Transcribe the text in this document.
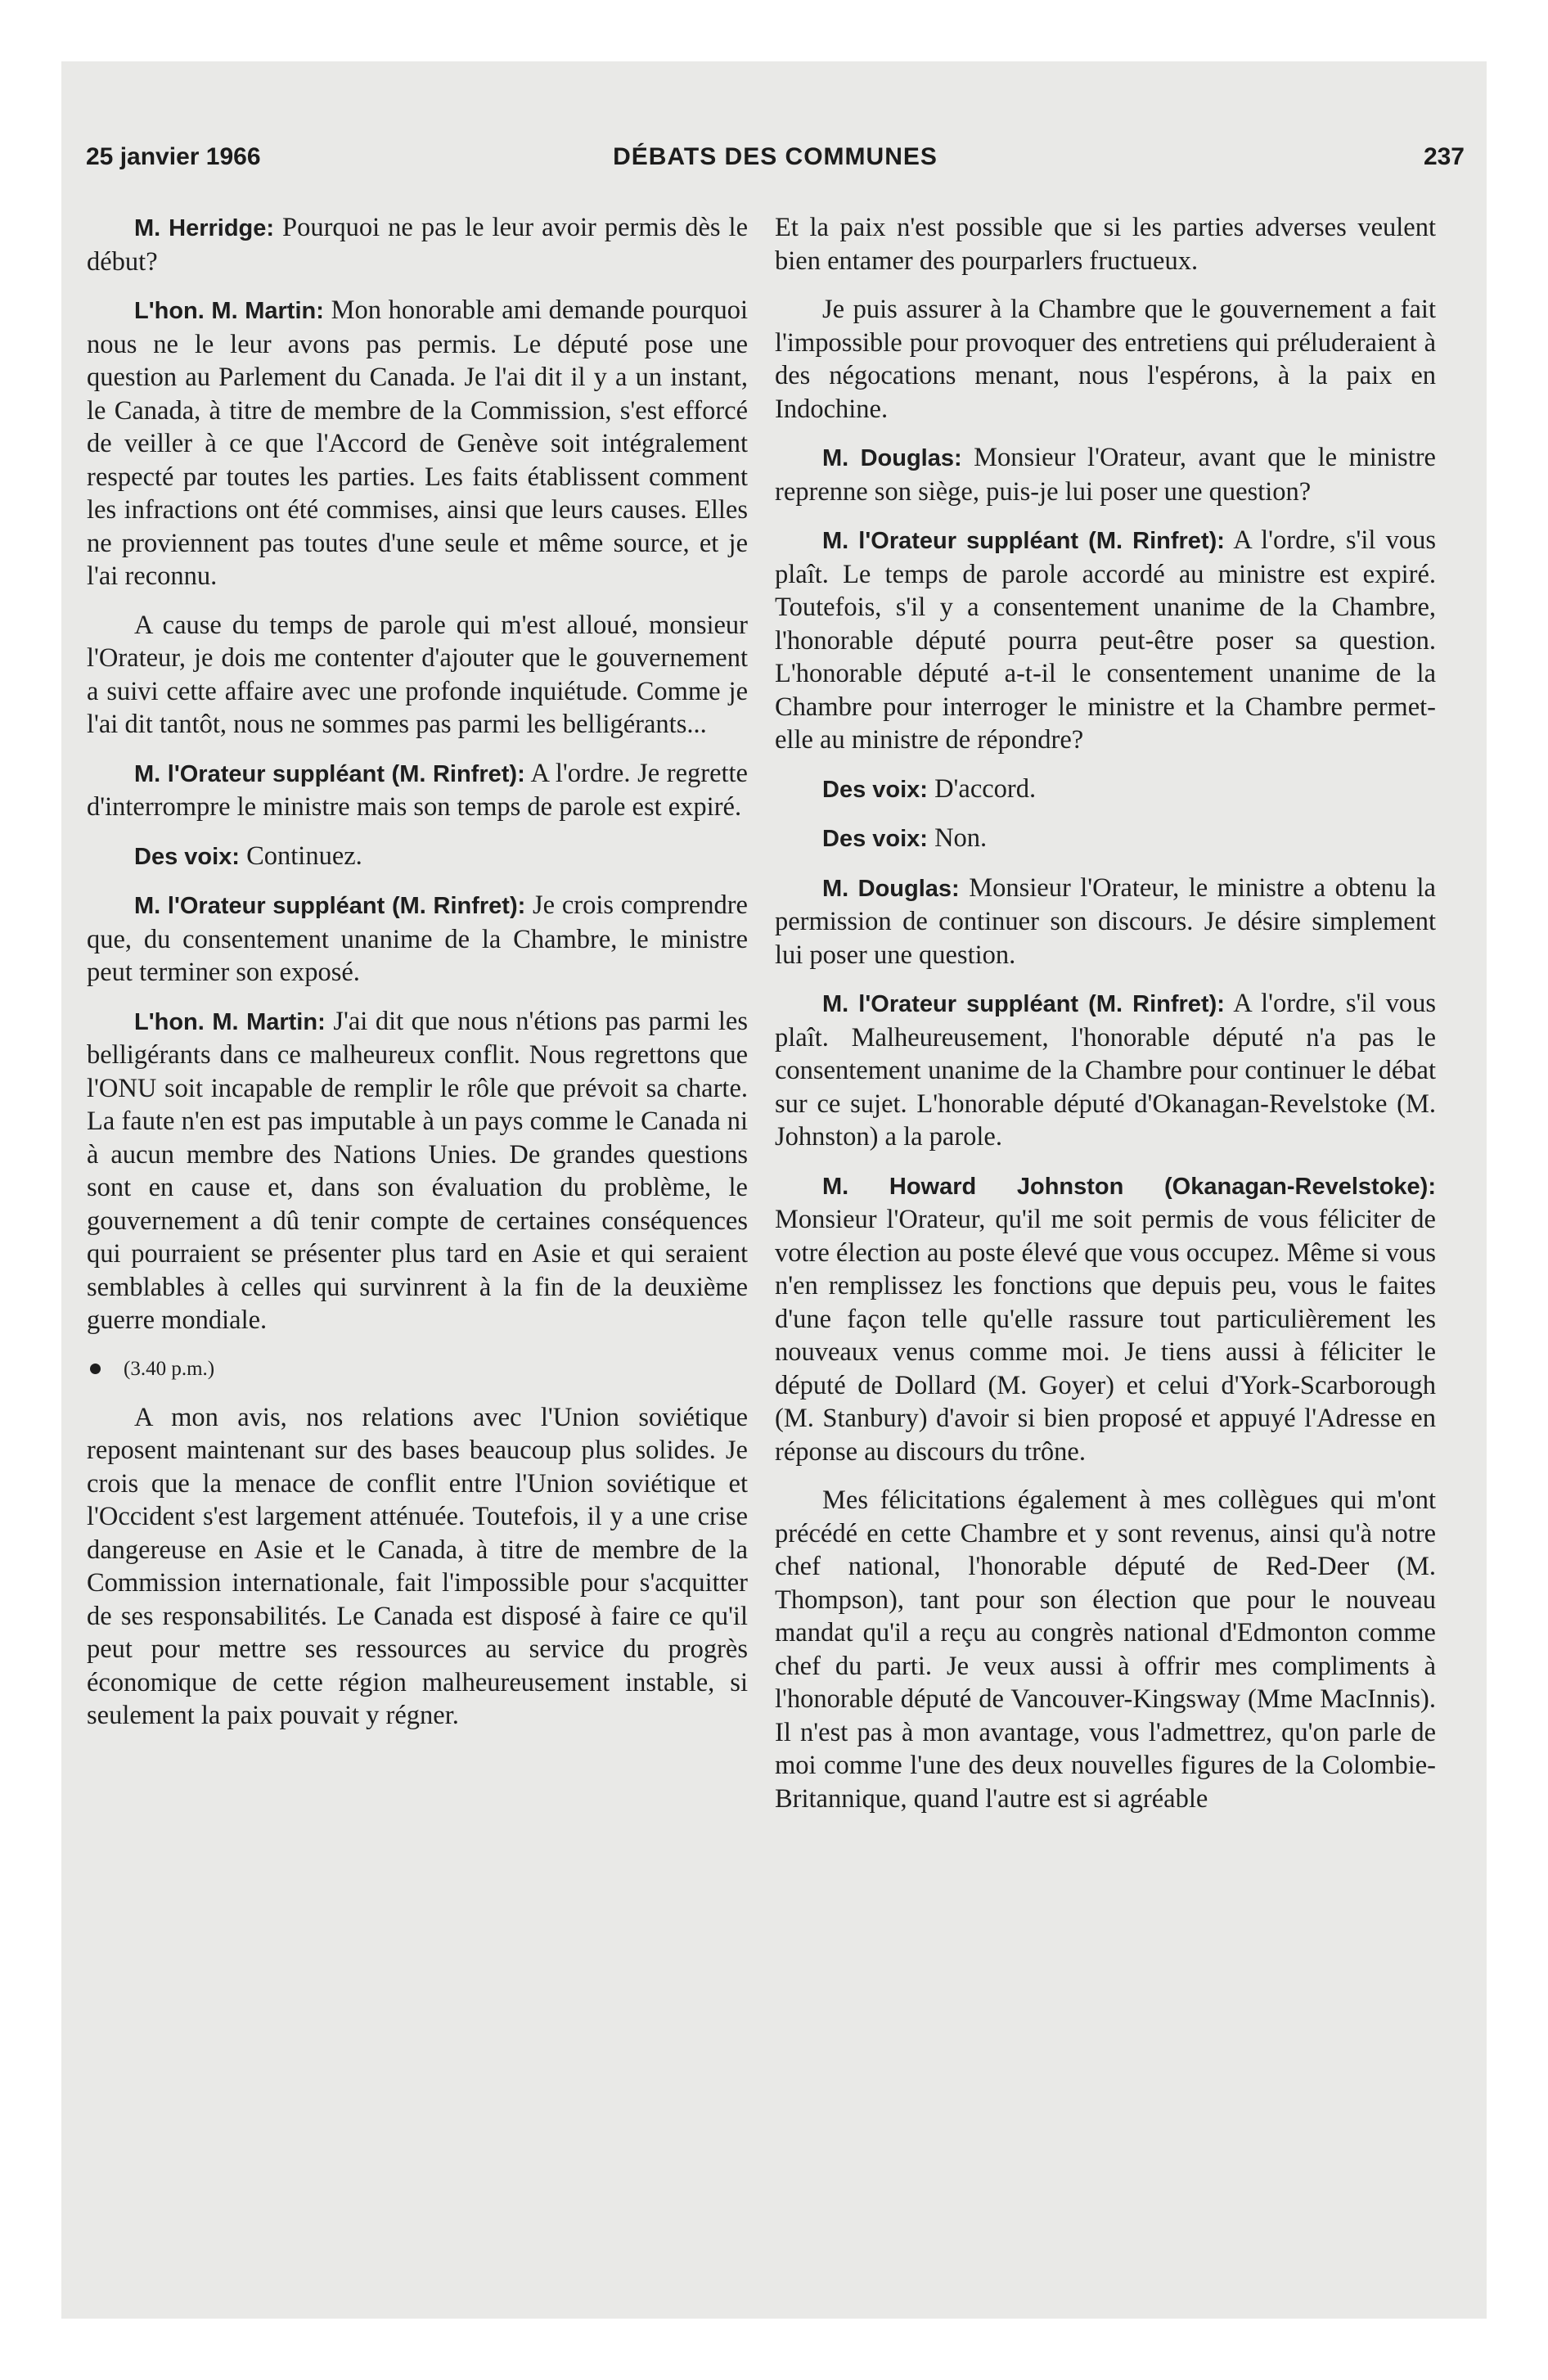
25 janvier 1966	DÉBATS DES COMMUNES	237

M. Herridge: Pourquoi ne pas le leur avoir permis dès le début?

L'hon. M. Martin: Mon honorable ami demande pourquoi nous ne le leur avons pas permis. Le député pose une question au Parlement du Canada. Je l'ai dit il y a un instant, le Canada, à titre de membre de la Commission, s'est efforcé de veiller à ce que l'Accord de Genève soit intégralement respecté par toutes les parties. Les faits établissent comment les infractions ont été commises, ainsi que leurs causes. Elles ne proviennent pas toutes d'une seule et même source, et je l'ai reconnu.

A cause du temps de parole qui m'est alloué, monsieur l'Orateur, je dois me contenter d'ajouter que le gouvernement a suivi cette affaire avec une profonde inquiétude. Comme je l'ai dit tantôt, nous ne sommes pas parmi les belligérants...

M. l'Orateur suppléant (M. Rinfret): A l'ordre. Je regrette d'interrompre le ministre mais son temps de parole est expiré.

Des voix: Continuez.

M. l'Orateur suppléant (M. Rinfret): Je crois comprendre que, du consentement unanime de la Chambre, le ministre peut terminer son exposé.

L'hon. M. Martin: J'ai dit que nous n'étions pas parmi les belligérants dans ce malheureux conflit. Nous regrettons que l'ONU soit incapable de remplir le rôle que prévoit sa charte. La faute n'en est pas imputable à un pays comme le Canada ni à aucun membre des Nations Unies. De grandes questions sont en cause et, dans son évaluation du problème, le gouvernement a dû tenir compte de certaines conséquences qui pourraient se présenter plus tard en Asie et qui seraient semblables à celles qui survinrent à la fin de la deuxième guerre mondiale.

(3.40 p.m.)

A mon avis, nos relations avec l'Union soviétique reposent maintenant sur des bases beaucoup plus solides. Je crois que la menace de conflit entre l'Union soviétique et l'Occident s'est largement atténuée. Toutefois, il y a une crise dangereuse en Asie et le Canada, à titre de membre de la Commission internationale, fait l'impossible pour s'acquitter de ses responsabilités. Le Canada est disposé à faire ce qu'il peut pour mettre ses ressources au service du progrès économique de cette région malheureusement instable, si seulement la paix pouvait y régner.

Et la paix n'est possible que si les parties adverses veulent bien entamer des pourparlers fructueux.

Je puis assurer à la Chambre que le gouvernement a fait l'impossible pour provoquer des entretiens qui préluderaient à des négocations menant, nous l'espérons, à la paix en Indochine.

M. Douglas: Monsieur l'Orateur, avant que le ministre reprenne son siège, puis-je lui poser une question?

M. l'Orateur suppléant (M. Rinfret): A l'ordre, s'il vous plaît. Le temps de parole accordé au ministre est expiré. Toutefois, s'il y a consentement unanime de la Chambre, l'honorable député pourra peut-être poser sa question. L'honorable député a-t-il le consentement unanime de la Chambre pour interroger le ministre et la Chambre permet-elle au ministre de répondre?

Des voix: D'accord.

Des voix: Non.

M. Douglas: Monsieur l'Orateur, le ministre a obtenu la permission de continuer son discours. Je désire simplement lui poser une question.

M. l'Orateur suppléant (M. Rinfret): A l'ordre, s'il vous plaît. Malheureusement, l'honorable député n'a pas le consentement unanime de la Chambre pour continuer le débat sur ce sujet. L'honorable député d'Okanagan-Revelstoke (M. Johnston) a la parole.

M. Howard Johnston (Okanagan-Revelstoke): Monsieur l'Orateur, qu'il me soit permis de vous féliciter de votre élection au poste élevé que vous occupez. Même si vous n'en remplissez les fonctions que depuis peu, vous le faites d'une façon telle qu'elle rassure tout particulièrement les nouveaux venus comme moi. Je tiens aussi à féliciter le député de Dollard (M. Goyer) et celui d'York-Scarborough (M. Stanbury) d'avoir si bien proposé et appuyé l'Adresse en réponse au discours du trône.

Mes félicitations également à mes collègues qui m'ont précédé en cette Chambre et y sont revenus, ainsi qu'à notre chef national, l'honorable député de Red-Deer (M. Thompson), tant pour son élection que pour le nouveau mandat qu'il a reçu au congrès national d'Edmonton comme chef du parti. Je veux aussi à offrir mes compliments à l'honorable député de Vancouver-Kingsway (Mme MacInnis). Il n'est pas à mon avantage, vous l'admettrez, qu'on parle de moi comme l'une des deux nouvelles figures de la Colombie-Britannique, quand l'autre est si agréable
